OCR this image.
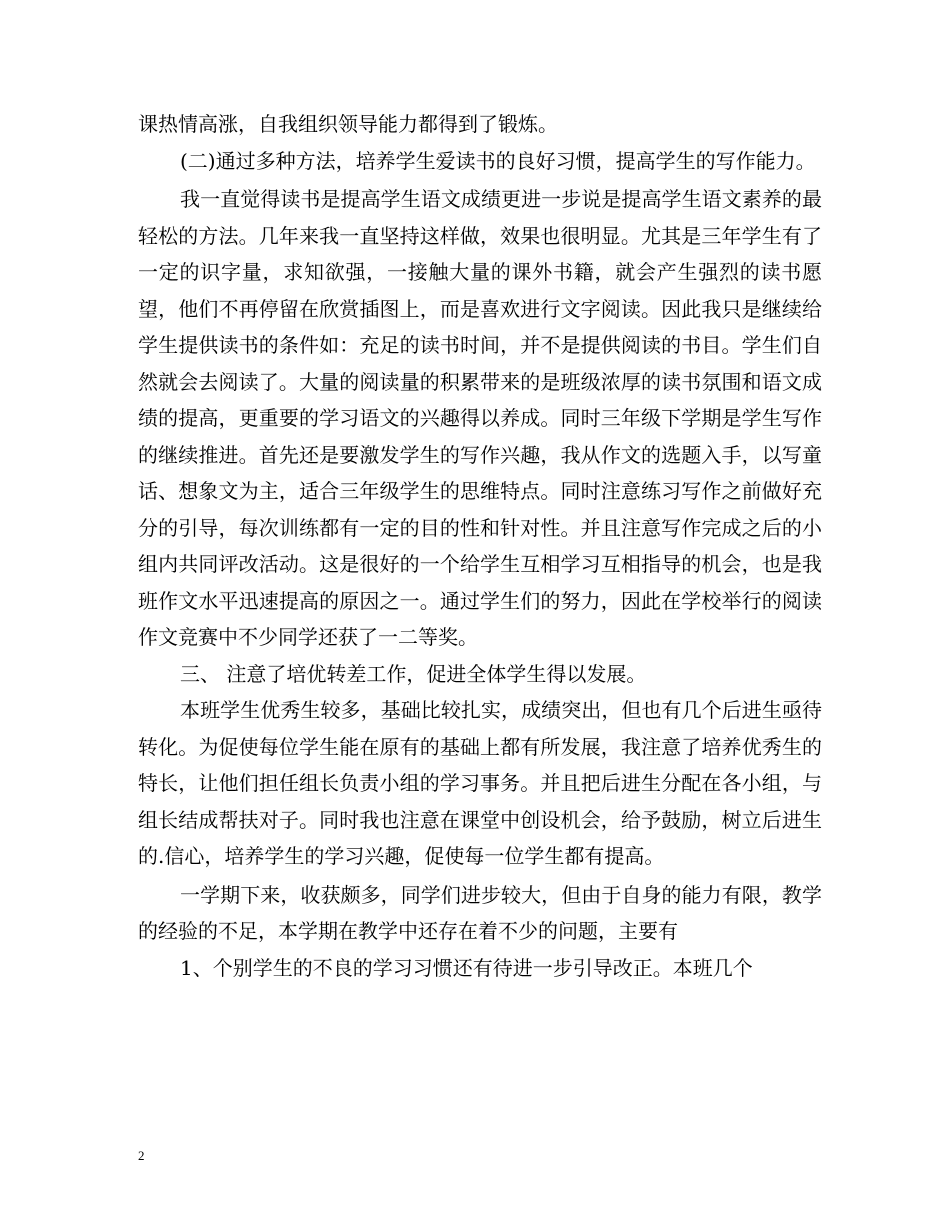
课热情高涨，自我组织领导能力都得到了锻炼。

(二)通过多种方法，培养学生爱读书的良好习惯，提高学生的写作能力。

我一直觉得读书是提高学生语文成绩更进一步说是提高学生语文素养的最轻松的方法。几年来我一直坚持这样做，效果也很明显。尤其是三年学生有了一定的识字量，求知欲强，一接触大量的课外书籍，就会产生强烈的读书愿望，他们不再停留在欣赏插图上，而是喜欢进行文字阅读。因此我只是继续给学生提供读书的条件如：充足的读书时间，并不是提供阅读的书目。学生们自然就会去阅读了。大量的阅读量的积累带来的是班级浓厚的读书氛围和语文成绩的提高，更重要的学习语文的兴趣得以养成。同时三年级下学期是学生写作的继续推进。首先还是要激发学生的写作兴趣，我从作文的选题入手，以写童话、想象文为主，适合三年级学生的思维特点。同时注意练习写作之前做好充分的引导，每次训练都有一定的目的性和针对性。并且注意写作完成之后的小组内共同评改活动。这是很好的一个给学生互相学习互相指导的机会，也是我班作文水平迅速提高的原因之一。通过学生们的努力，因此在学校举行的阅读作文竞赛中不少同学还获了一二等奖。

三、 注意了培优转差工作，促进全体学生得以发展。

本班学生优秀生较多，基础比较扎实，成绩突出，但也有几个后进生亟待转化。为促使每位学生能在原有的基础上都有所发展，我注意了培养优秀生的特长，让他们担任组长负责小组的学习事务。并且把后进生分配在各小组，与组长结成帮扶对子。同时我也注意在课堂中创设机会，给予鼓励，树立后进生的.信心，培养学生的学习兴趣，促使每一位学生都有提高。

一学期下来，收获颇多，同学们进步较大，但由于自身的能力有限，教学的经验的不足，本学期在教学中还存在着不少的问题，主要有

1、个别学生的不良的学习习惯还有待进一步引导改正。本班几个

2
